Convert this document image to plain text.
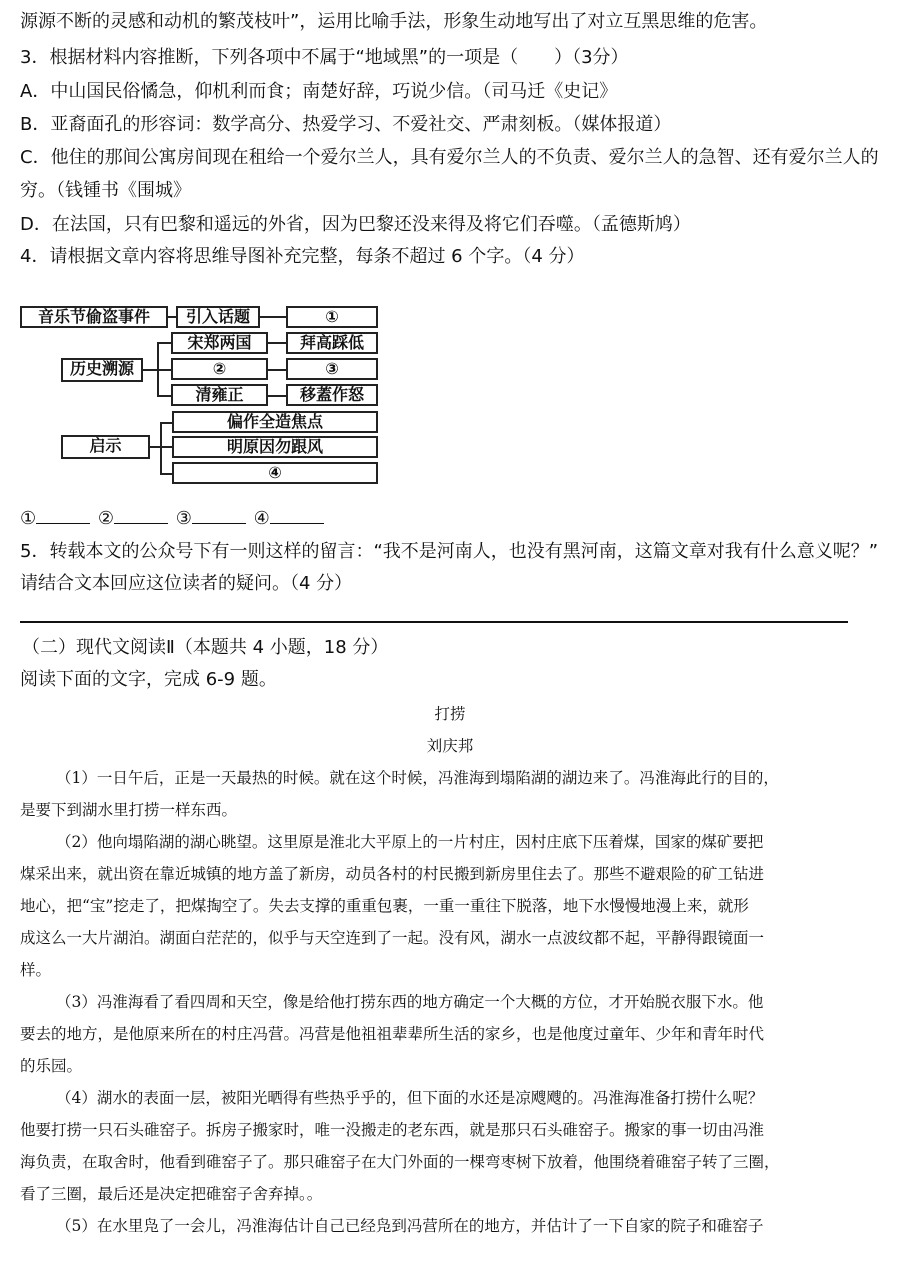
源源不断的灵感和动机的繁茂枝叶”，运用比喻手法，形象生动地写出了对立互黑思维的危害。
3．根据材料内容推断，下列各项中不属于“地域黑”的一项是（　　）（3分）
A．中山国民俗憰急，仰机利而食；南楚好辞，巧说少信。（司马迁《史记》
B．亚裔面孔的形容词：数学高分、热爱学习、不爱社交、严肃刻板。（媒体报道）
C．他住的那间公寓房间现在租给一个爱尔兰人，具有爱尔兰人的不负责、爱尔兰人的急智、还有爱尔兰人的
穷。（钱锺书《围城》
D．在法国，只有巴黎和遥远的外省，因为巴黎还没来得及将它们吞噬。（孟德斯鸠）
4．请根据文章内容将思维导图补充完整，每条不超过 6 个字。（4 分）
音乐节偷盗事件	引入话题	①
历史溯源
宋郑两国	拜高踩低
②	③
清雍正	移蓋作怒
启示
偏作全造焦点
明原因勿跟风
④
①	②	③	④
5．转载本文的公众号下有一则这样的留言：“我不是河南人，也没有黑河南，这篇文章对我有什么意义呢？”
请结合文本回应这位读者的疑问。（4 分）
（二）现代文阅读Ⅱ（本题共 4 小题，18 分）
阅读下面的文字，完成 6-9 题。
打捞
刘庆邦
（1）一日午后，正是一天最热的时候。就在这个时候，冯淮海到塌陷湖的湖边来了。冯淮海此行的目的，
是要下到湖水里打捞一样东西。
（2）他向塌陷湖的湖心眺望。这里原是淮北大平原上的一片村庄，因村庄底下压着煤，国家的煤矿要把
煤采出来，就出资在靠近城镇的地方盖了新房，动员各村的村民搬到新房里住去了。那些不避艰险的矿工钻进
地心，把“宝”挖走了，把煤掏空了。失去支撑的重重包裹，一重一重往下脱落，地下水慢慢地漫上来，就形
成这么一大片湖泊。湖面白茫茫的，似乎与天空连到了一起。没有风，湖水一点波纹都不起，平静得跟镜面一
样。
（3）冯淮海看了看四周和天空，像是给他打捞东西的地方确定一个大概的方位，才开始脱衣服下水。他
要去的地方，是他原来所在的村庄冯营。冯营是他祖祖辈辈所生活的家乡，也是他度过童年、少年和青年时代
的乐园。
（4）湖水的表面一层，被阳光晒得有些热乎乎的，但下面的水还是凉飕飕的。冯淮海准备打捞什么呢？
他要打捞一只石头碓窑子。拆房子搬家时，唯一没搬走的老东西，就是那只石头碓窑子。搬家的事一切由冯淮
海负责，在取舍时，他看到碓窑子了。那只碓窑子在大门外面的一棵弯枣树下放着，他围绕着碓窑子转了三圈，
看了三圈，最后还是决定把碓窑子舍弃掉。。
（5）在水里凫了一会儿，冯淮海估计自己已经凫到冯营所在的地方，并估计了一下自家的院子和碓窑子
